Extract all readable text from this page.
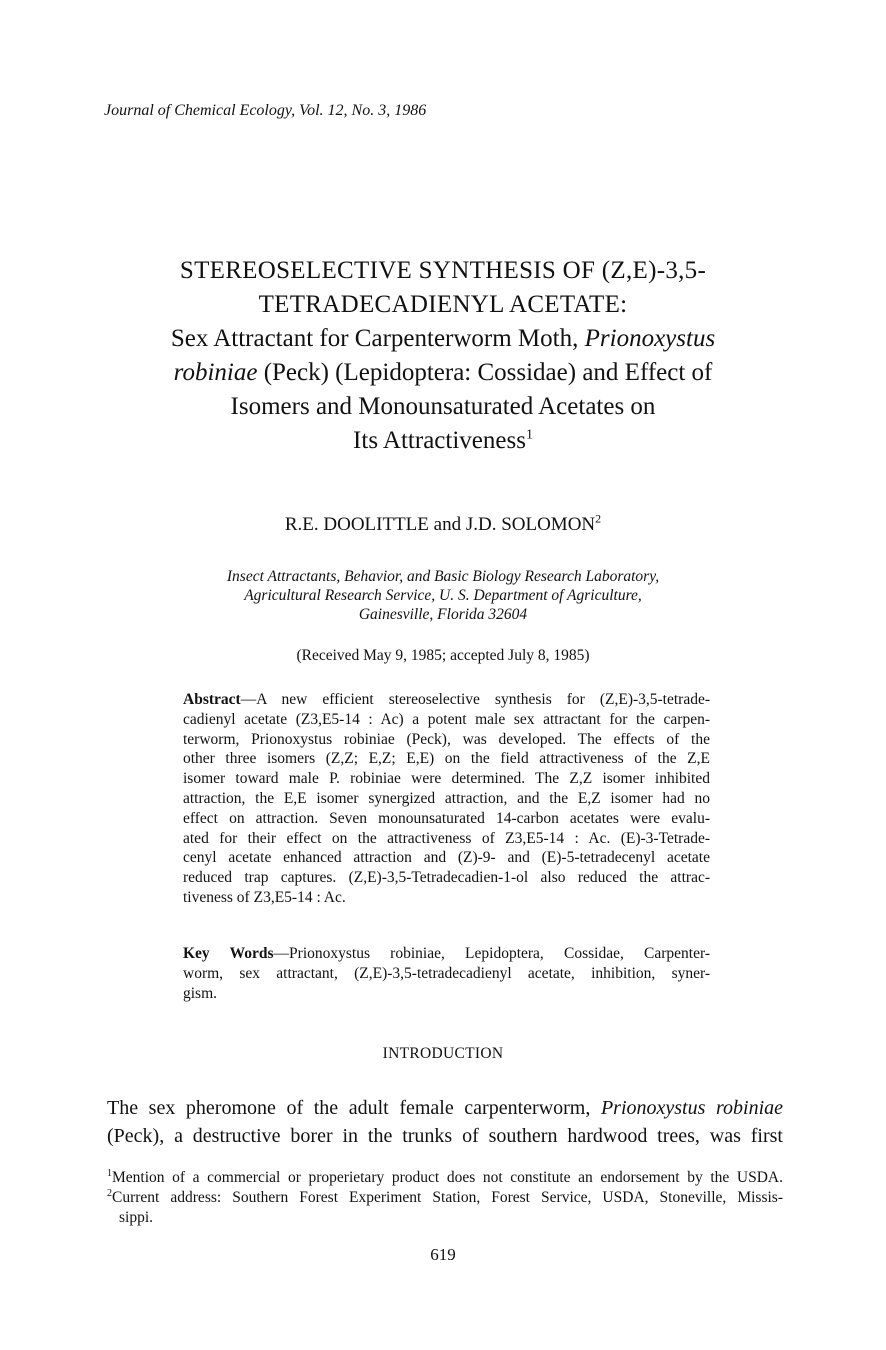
Journal of Chemical Ecology, Vol. 12, No. 3, 1986
STEREOSELECTIVE SYNTHESIS OF (Z,E)-3,5-
TETRADECADIENYL ACETATE:
Sex Attractant for Carpenterworm Moth, Prionoxystus
robiniae (Peck) (Lepidoptera: Cossidae) and Effect of
Isomers and Monounsaturated Acetates on
Its Attractiveness$^1$
R.E. DOOLITTLE and J.D. SOLOMON$^2$
Insect Attractants, Behavior, and Basic Biology Research Laboratory,
Agricultural Research Service, U. S. Department of Agriculture,
Gainesville, Florida 32604
(Received May 9, 1985; accepted July 8, 1985)
Abstract—A new efficient stereoselective synthesis for (Z,E)-3,5-tetrade-
cadienyl acetate (Z3,E5-14 : Ac) a potent male sex attractant for the carpen-
terworm, Prionoxystus robiniae (Peck), was developed. The effects of the
other three isomers (Z,Z; E,Z; E,E) on the field attractiveness of the Z,E
isomer toward male P. robiniae were determined. The Z,Z isomer inhibited
attraction, the E,E isomer synergized attraction, and the E,Z isomer had no
effect on attraction. Seven monounsaturated 14-carbon acetates were evalu-
ated for their effect on the attractiveness of Z3,E5-14 : Ac. (E)-3-Tetrade-
cenyl acetate enhanced attraction and (Z)-9- and (E)-5-tetradecenyl acetate
reduced trap captures. (Z,E)-3,5-Tetradecadien-1-ol also reduced the attrac-
tiveness of Z3,E5-14 : Ac.
Key Words—Prionoxystus robiniae, Lepidoptera, Cossidae, Carpenter-
worm, sex attractant, (Z,E)-3,5-tetradecadienyl acetate, inhibition, syner-
gism.
INTRODUCTION
The sex pheromone of the adult female carpenterworm, Prionoxystus robiniae
(Peck), a destructive borer in the trunks of southern hardwood trees, was first
$^1$Mention of a commercial or properietary product does not constitute an endorsement by the USDA.
$^2$Current address: Southern Forest Experiment Station, Forest Service, USDA, Stoneville, Missis-
sippi.
619
